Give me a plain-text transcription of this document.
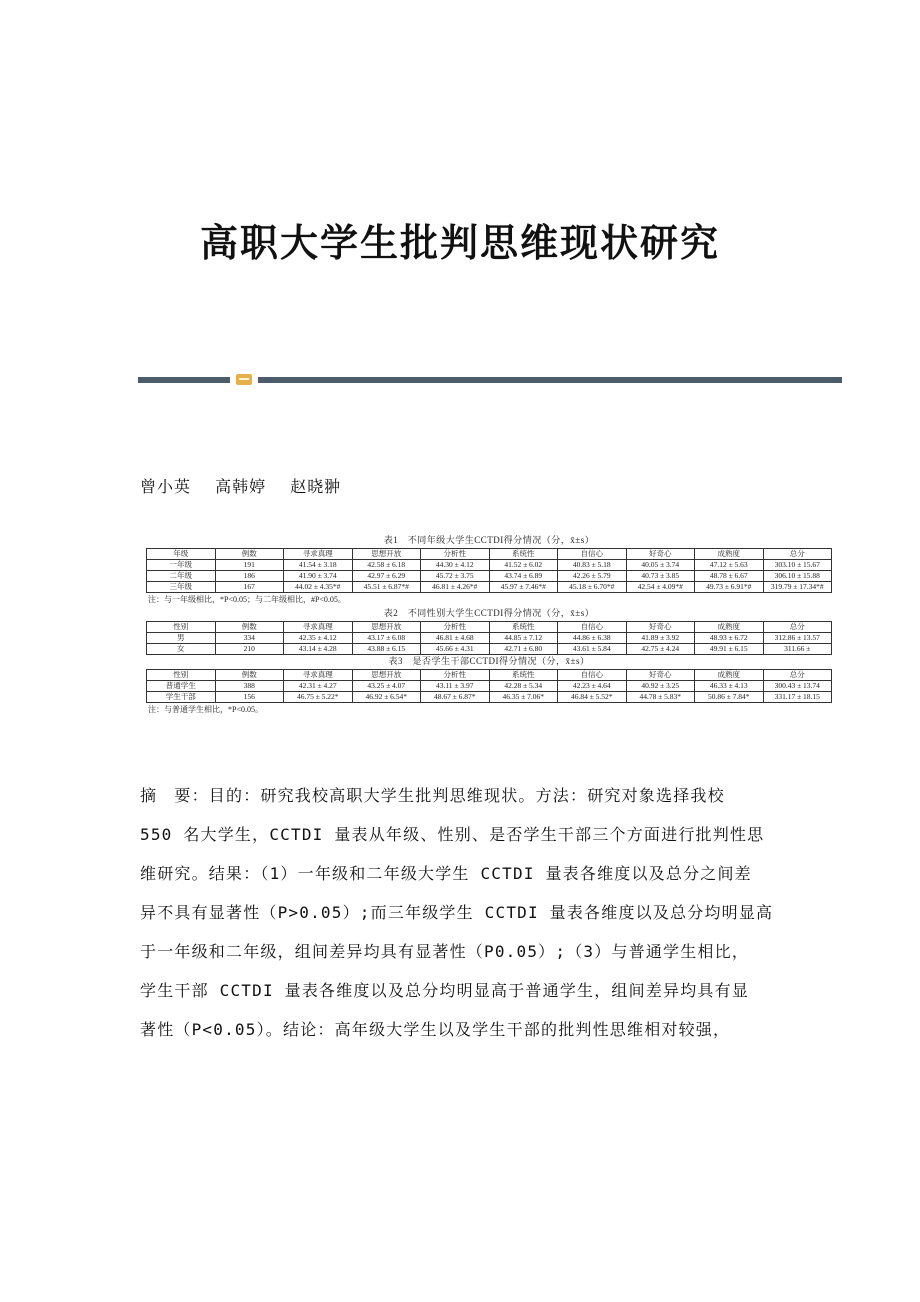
高职大学生批判思维现状研究
曾小英 高韩婷 赵晓翀
表1　不同年级大学生CCTDI得分情况（分，x̄±s）
年级	例数	寻求真理	思想开放	分析性	系统性	自信心	好奇心	成熟度	总分
一年级	191	41.54 ± 3.18	42.58 ± 6.18	44.30 ± 4.12	41.52 ± 6.02	40.83 ± 5.18	40.05 ± 3.74	47.12 ± 5.63	303.10 ± 15.67
二年级	186	41.90 ± 3.74	42.97 ± 6.29	45.72 ± 3.75	43.74 ± 6.89	42.26 ± 5.79	40.73 ± 3.85	48.78 ± 6.67	306.10 ± 15.88
三年级	167	44.02 ± 4.35*#	45.51 ± 6.87*#	46.81 ± 4.26*#	45.97 ± 7.46*#	45.18 ± 6.70*#	42.54 ± 4.09*#	49.73 ± 6.91*#	319.79 ± 17.34*#
注：与一年级相比，*P<0.05；与二年级相比，#P<0.05。
表2　不同性别大学生CCTDI得分情况（分，x̄±s）
性别	例数	寻求真理	思想开放	分析性	系统性	自信心	好奇心	成熟度	总分
男	334	42.35 ± 4.12	43.17 ± 6.08	46.81 ± 4.68	44.85 ± 7.12	44.86 ± 6.38	41.89 ± 3.92	48.93 ± 6.72	312.86 ± 13.57
女	210	43.14 ± 4.28	43.88 ± 6.15	45.66 ± 4.31	42.71 ± 6.80	43.61 ± 5.84	42.75 ± 4.24	49.91 ± 6.15	311.66 ±
表3　是否学生干部CCTDI得分情况（分，x̄±s）
性别	例数	寻求真理	思想开放	分析性	系统性	自信心	好奇心	成熟度	总分
普通学生	388	42.31 ± 4.27	43.25 ± 4.07	43.11 ± 3.97	42.28 ± 5.34	42.23 ± 4.64	40.92 ± 3.25	46.33 ± 4.13	300.43 ± 13.74
学生干部	156	46.75 ± 5.22*	46.92 ± 6.54*	48.67 ± 6.87*	46.35 ± 7.06*	46.84 ± 5.52*	44.78 ± 5.83*	50.86 ± 7.84*	331.17 ± 18.15
注：与普通学生相比，*P<0.05。

摘　要：目的：研究我校高职大学生批判思维现状。方法：研究对象选择我校

550 名大学生，CCTDI 量表从年级、性别、是否学生干部三个方面进行批判性思

维研究。结果：（1）一年级和二年级大学生 CCTDI 量表各维度以及总分之间差

异不具有显著性（P>0.05）;而三年级学生 CCTDI 量表各维度以及总分均明显高

于一年级和二年级，组间差异均具有显著性（P0.05）;（3）与普通学生相比，

学生干部 CCTDI 量表各维度以及总分均明显高于普通学生，组间差异均具有显

著性（P<0.05）。结论：高年级大学生以及学生干部的批判性思维相对较强，
